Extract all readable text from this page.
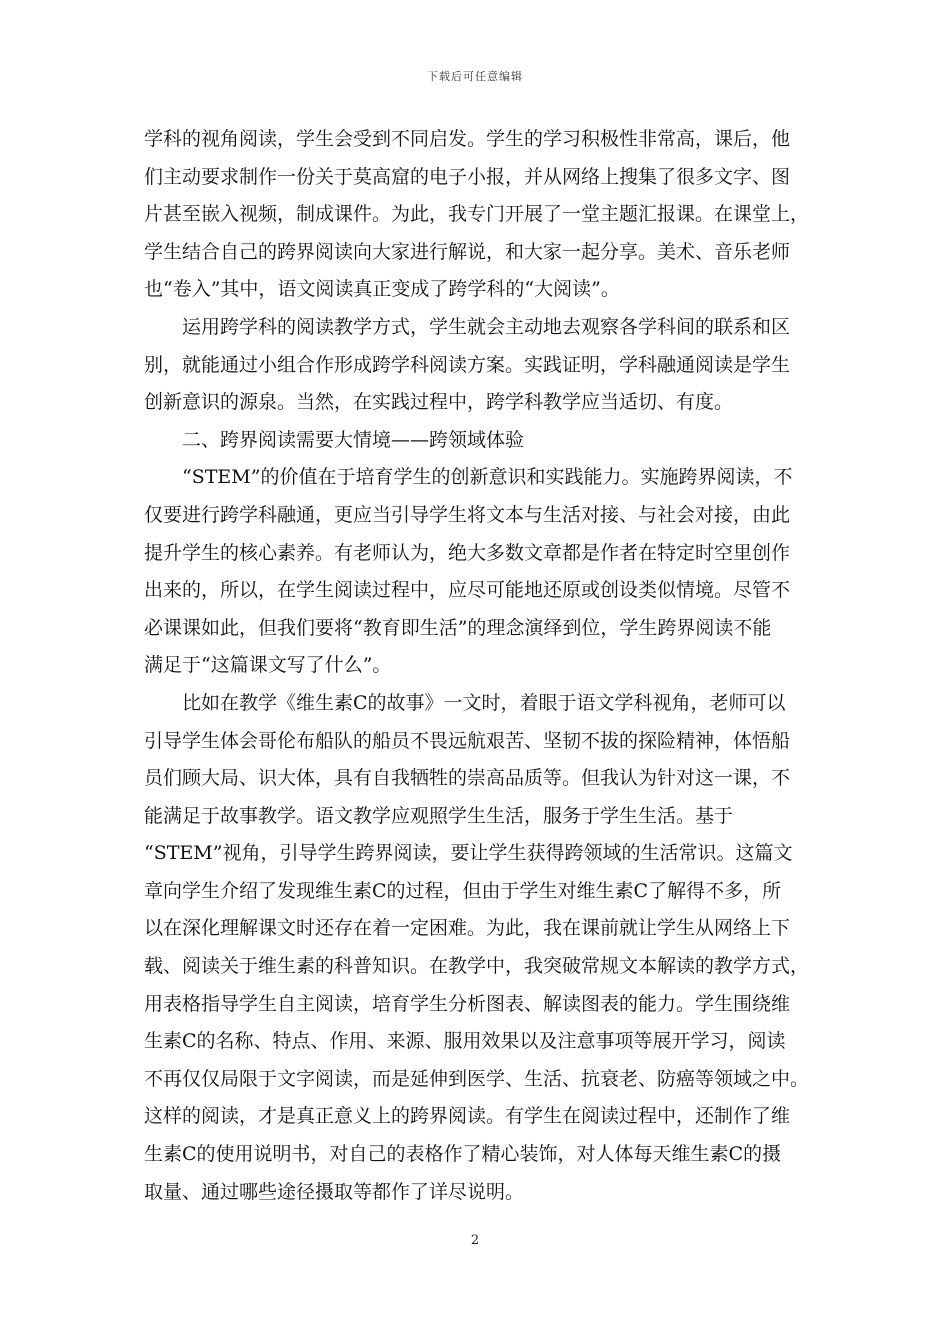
下载后可任意编辑
学科的视角阅读，学生会受到不同启发。学生的学习积极性非常高，课后，他
们主动要求制作一份关于莫高窟的电子小报，并从网络上搜集了很多文字、图
片甚至嵌入视频，制成课件。为此，我专门开展了一堂主题汇报课。在课堂上，
学生结合自己的跨界阅读向大家进行解说，和大家一起分享。美术、音乐老师
也“卷入”其中，语文阅读真正变成了跨学科的“大阅读”。
运用跨学科的阅读教学方式，学生就会主动地去观察各学科间的联系和区
别，就能通过小组合作形成跨学科阅读方案。实践证明，学科融通阅读是学生
创新意识的源泉。当然，在实践过程中，跨学科教学应当适切、有度。
二、跨界阅读需要大情境——跨领域体验
“STEM”的价值在于培育学生的创新意识和实践能力。实施跨界阅读，不
仅要进行跨学科融通，更应当引导学生将文本与生活对接、与社会对接，由此
提升学生的核心素养。有老师认为，绝大多数文章都是作者在特定时空里创作
出来的，所以，在学生阅读过程中，应尽可能地还原或创设类似情境。尽管不
必课课如此，但我们要将“教育即生活”的理念演绎到位，学生跨界阅读不能
满足于“这篇课文写了什么”。
比如在教学《维生素C的故事》一文时，着眼于语文学科视角，老师可以
引导学生体会哥伦布船队的船员不畏远航艰苦、坚韧不拔的探险精神，体悟船
员们顾大局、识大体，具有自我牺牲的崇高品质等。但我认为针对这一课，不
能满足于故事教学。语文教学应观照学生生活，服务于学生生活。基于
“STEM”视角，引导学生跨界阅读，要让学生获得跨领域的生活常识。这篇文
章向学生介绍了发现维生素C的过程，但由于学生对维生素C了解得不多，所
以在深化理解课文时还存在着一定困难。为此，我在课前就让学生从网络上下
载、阅读关于维生素的科普知识。在教学中，我突破常规文本解读的教学方式，
用表格指导学生自主阅读，培育学生分析图表、解读图表的能力。学生围绕维
生素C的名称、特点、作用、来源、服用效果以及注意事项等展开学习，阅读
不再仅仅局限于文字阅读，而是延伸到医学、生活、抗衰老、防癌等领域之中。
这样的阅读，才是真正意义上的跨界阅读。有学生在阅读过程中，还制作了维
生素C的使用说明书，对自己的表格作了精心装饰，对人体每天维生素C的摄
取量、通过哪些途径摄取等都作了详尽说明。
2
